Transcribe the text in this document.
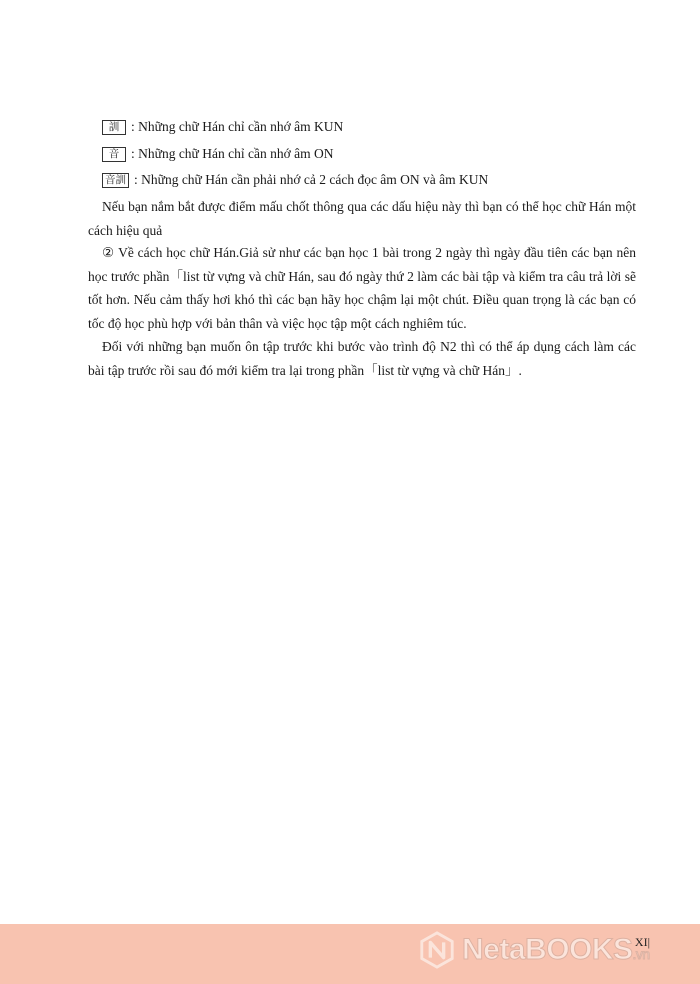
訓 : Những chữ Hán chỉ cần nhớ âm KUN
音 : Những chữ Hán chỉ cần nhớ âm ON
音訓 : Những chữ Hán cần phải nhớ cả 2 cách đọc âm ON và âm KUN

Nếu bạn nắm bắt được điểm mấu chốt thông qua các dấu hiệu này thì bạn có thể học chữ Hán một cách hiệu quả

② Về cách học chữ Hán.Giả sử như các bạn học 1 bài trong 2 ngày thì ngày đầu tiên các bạn nên học trước phần「list từ vựng và chữ Hán, sau đó ngày thứ 2 làm các bài tập và kiểm tra câu trả lời sẽ tốt hơn. Nếu cảm thấy hơi khó thì các bạn hãy học chậm lại một chút. Điều quan trọng là các bạn có tốc độ học phù hợp với bản thân và việc học tập một cách nghiêm túc.

Đối với những bạn muốn ôn tập trước khi bước vào trình độ N2 thì có thể áp dụng cách làm các bài tập trước rồi sau đó mới kiểm tra lại trong phần「list từ vựng và chữ Hán」.

NetaBOOKS.vn
XI|
